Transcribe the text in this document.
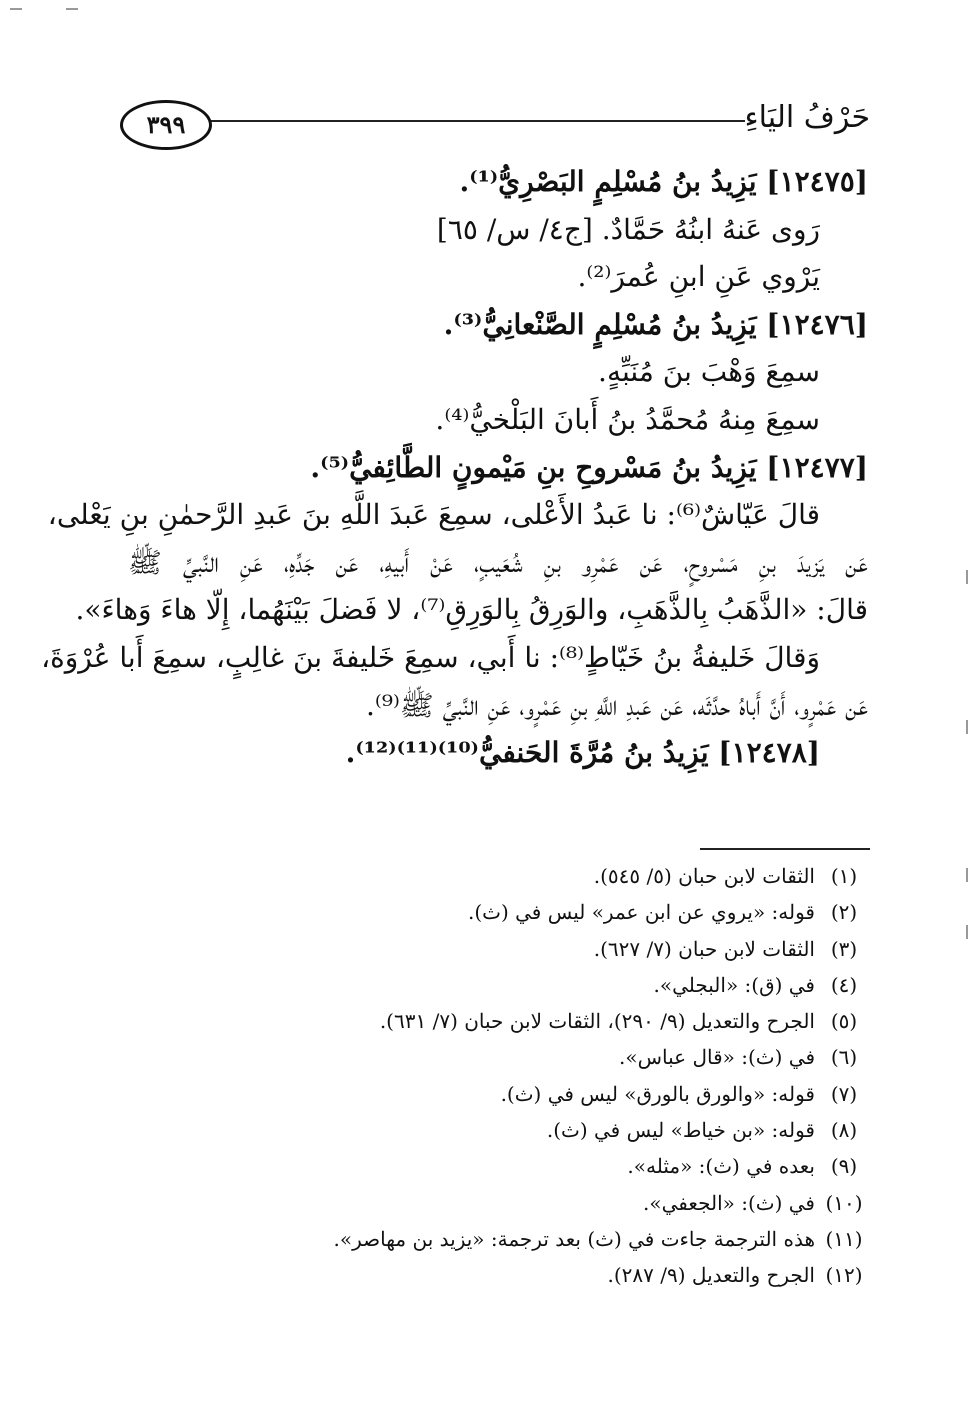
٣٩٩	حَرْفُ اليَاءِ
[١٢٤٧٥] يَزِيدُ بنُ مُسْلِمٍ البَصْرِيُّ⁽¹⁾.
رَوى عَنهُ ابنُهُ حَمَّادٌ. [ج٤/ س/ ٦٥]
يَرْوي عَنِ ابنِ عُمرَ⁽²⁾.
[١٢٤٧٦] يَزِيدُ بنُ مُسْلِمٍ الصَّنْعانِيُّ⁽³⁾.
سمِعَ وَهْبَ بنَ مُنَبِّهٍ.
سمِعَ مِنهُ مُحمَّدُ بنُ أَبانَ البَلْخيُّ⁽⁴⁾.
[١٢٤٧٧] يَزِيدُ بنُ مَسْروحِ بنِ مَيْمونٍ الطَّائِفيُّ⁽⁵⁾.
قالَ عَيّاشٌ⁽⁶⁾: نا عَبدُ الأَعْلى، سمِعَ عَبدَ اللَّهِ بنَ عَبدِ الرَّحمٰنِ بنِ يَعْلى،
عَن يَزيدَ بنِ مَسْروحٍ، عَن عَمْرِو بنِ شُعَيبٍ، عَنْ أَبيهِ، عَن جَدِّهِ، عَنِ النَّبيِّ ﷺ
قالَ: «الذَّهَبُ بِالذَّهَبِ، والوَرِقُ بِالوَرِقِ⁽⁷⁾، لا فَضلَ بَيْنَهُما، إِلّا هاءَ وَهاءَ».
وَقالَ خَليفةُ بنُ خَيّاطٍ⁽⁸⁾: نا أَبي، سمِعَ خَليفةَ بنَ غالِبٍ، سمِعَ أَبا عُرْوَةَ،
عَن عَمْرٍو، أَنَّ أَباهُ حدَّثَه، عَن عَبدِ اللَّهِ بنِ عَمْرٍو، عَنِ النَّبيِّ ﷺ⁽⁹⁾.
[١٢٤٧٨] يَزِيدُ بنُ مُرَّةَ الحَنفيُّ⁽¹⁰⁾⁽¹¹⁾⁽¹²⁾.
(١)الثقات لابن حبان (٥/ ٥٤٥).
(٢)قوله: «يروي عن ابن عمر» ليس في (ث).
(٣)الثقات لابن حبان (٧/ ٦٢٧).
(٤)في (ق): «البجلي».
(٥)الجرح والتعديل (٩/ ٢٩٠)، الثقات لابن حبان (٧/ ٦٣١).
(٦)في (ث): «قال عباس».
(٧)قوله: «والورق بالورق» ليس في (ث).
(٨)قوله: «بن خياط» ليس في (ث).
(٩)بعده في (ث): «مثله».
(١٠)في (ث): «الجعفي».
(١١)هذه الترجمة جاءت في (ث) بعد ترجمة: «يزيد بن مهاصر».
(١٢)الجرح والتعديل (٩/ ٢٨٧).
